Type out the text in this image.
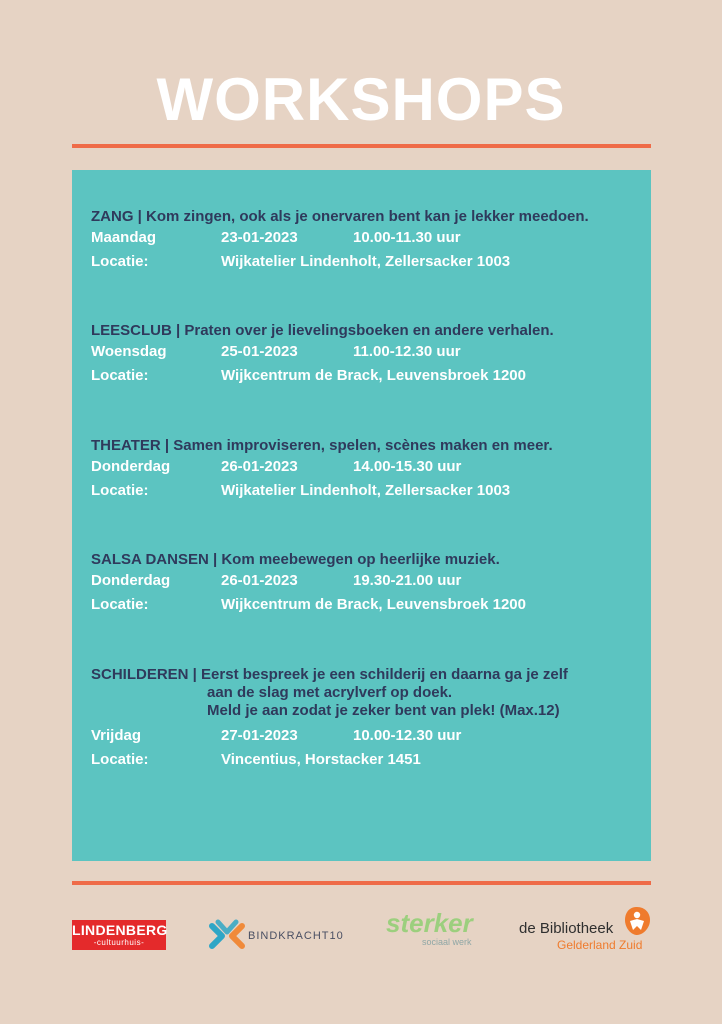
WORKSHOPS

ZANG | Kom zingen, ook als je onervaren bent kan je lekker meedoen.

Maandag	23-01-2023	10.00-11.30 uur
Locatie:	Wijkatelier Lindenholt, Zellersacker 1003

LEESCLUB | Praten over je lievelingsboeken en andere verhalen.

Woensdag	25-01-2023	11.00-12.30 uur
Locatie:	Wijkcentrum de Brack, Leuvensbroek 1200

THEATER | Samen improviseren, spelen, scènes maken en meer.

Donderdag	26-01-2023	14.00-15.30 uur
Locatie:	Wijkatelier Lindenholt, Zellersacker 1003

SALSA DANSEN | Kom meebewegen op heerlijke muziek.

Donderdag	26-01-2023	19.30-21.00 uur
Locatie:	Wijkcentrum de Brack, Leuvensbroek 1200

SCHILDEREN | Eerst bespreek je een schilderij en daarna ga je zelf
aan de slag met acrylverf op doek.
Meld je aan zodat je zeker bent van plek! (Max.12)

Vrijdag	27-01-2023	10.00-12.30 uur
Locatie:	Vincentius, Horstacker 1451
LINDENBERG
-cultuurhuis-
BINDKRACHT10 sterker
sociaal werk
de Bibliotheek
Gelderland Zuid
